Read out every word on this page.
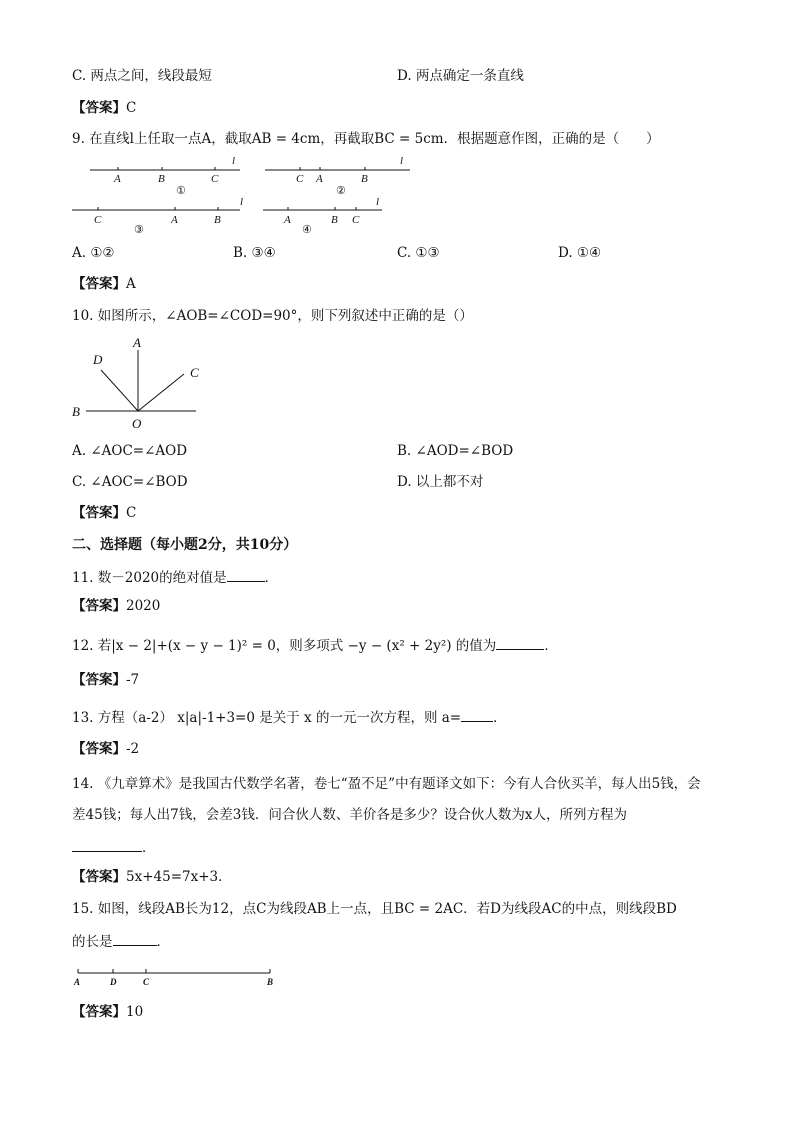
C. 两点之间，线段最短	D. 两点确定一条直线
【答案】C
9. 在直线l上任取一点A，截取AB = 4cm，再截取BC = 5cm．根据题意作图，正确的是（　　）
l
A	B	C
l
C A	B
l
C	A	B
l
A	B C
①	②
③	④
A. ①②	B. ③④	C. ①③	D. ①④
【答案】A
10. 如图所示，∠AOB=∠COD=90°，则下列叙述中正确的是（）
A
D
C
B
O
A. ∠AOC=∠AOD	B. ∠AOD=∠BOD
C. ∠AOC=∠BOD	D. 以上都不对
【答案】C
二、选择题（每小题2分，共10分）
11. 数－2020的绝对值是	．
【答案】2020
12. 若|x − 2|+(x − y − 1)² = 0，则多项式 −y − (x² + 2y²) 的值为	．
【答案】-7
13. 方程（a-2） x|a|-1+3=0 是关于 x 的一元一次方程，则 a= ．
【答案】-2
14. 《九章算术》是我国古代数学名著，卷七“盈不足”中有题译文如下：今有人合伙买羊，每人出5钱，会
差45钱；每人出7钱，会差3钱．问合伙人数、羊价各是多少？设合伙人数为x人，所列方程为
．
【答案】5x+45=7x+3．
15. 如图，线段AB长为12，点C为线段AB上一点，且BC = 2AC．若D为线段AC的中点，则线段BD
的长是	．
A	D	C	B
【答案】10
